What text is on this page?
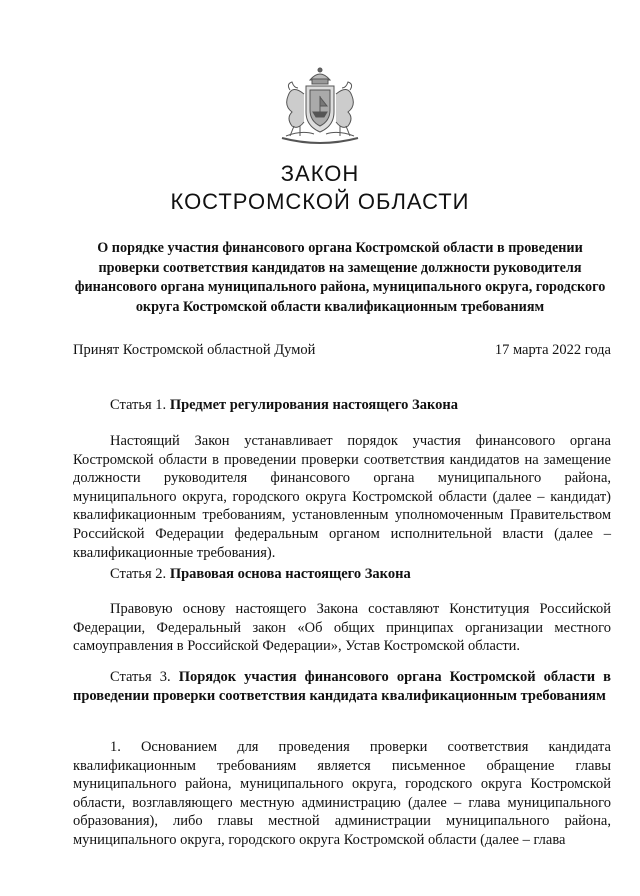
ЗАКОН
КОСТРОМСКОЙ ОБЛАСТИ
О порядке участия финансового органа Костромской области в проведении проверки соответствия кандидатов на замещение должности руководителя финансового органа муниципального района, муниципального округа, городского округа Костромской области квалификационным требованиям
Принят Костромской областной Думой	17 марта 2022 года
Статья 1. Предмет регулирования настоящего Закона
Настоящий Закон устанавливает порядок участия финансового органа Костромской области в проведении проверки соответствия кандидатов на замещение должности руководителя финансового органа муниципального района, муниципального округа, городского округа Костромской области (далее – кандидат) квалификационным требованиям, установленным уполномоченным Правительством Российской Федерации федеральным органом исполнительной власти (далее – квалификационные требования).
Статья 2. Правовая основа настоящего Закона
Правовую основу настоящего Закона составляют Конституция Российской Федерации, Федеральный закон «Об общих принципах организации местного самоуправления в Российской Федерации», Устав Костромской области.
Статья 3. Порядок участия финансового органа Костромской области в проведении проверки соответствия кандидата квалификационным требованиям
1. Основанием для проведения проверки соответствия кандидата квалификационным требованиям является письменное обращение главы муниципального района, муниципального округа, городского округа Костромской области, возглавляющего местную администрацию (далее – глава муниципального образования), либо главы местной администрации муниципального района, муниципального округа, городского округа Костромской области (далее – глава
